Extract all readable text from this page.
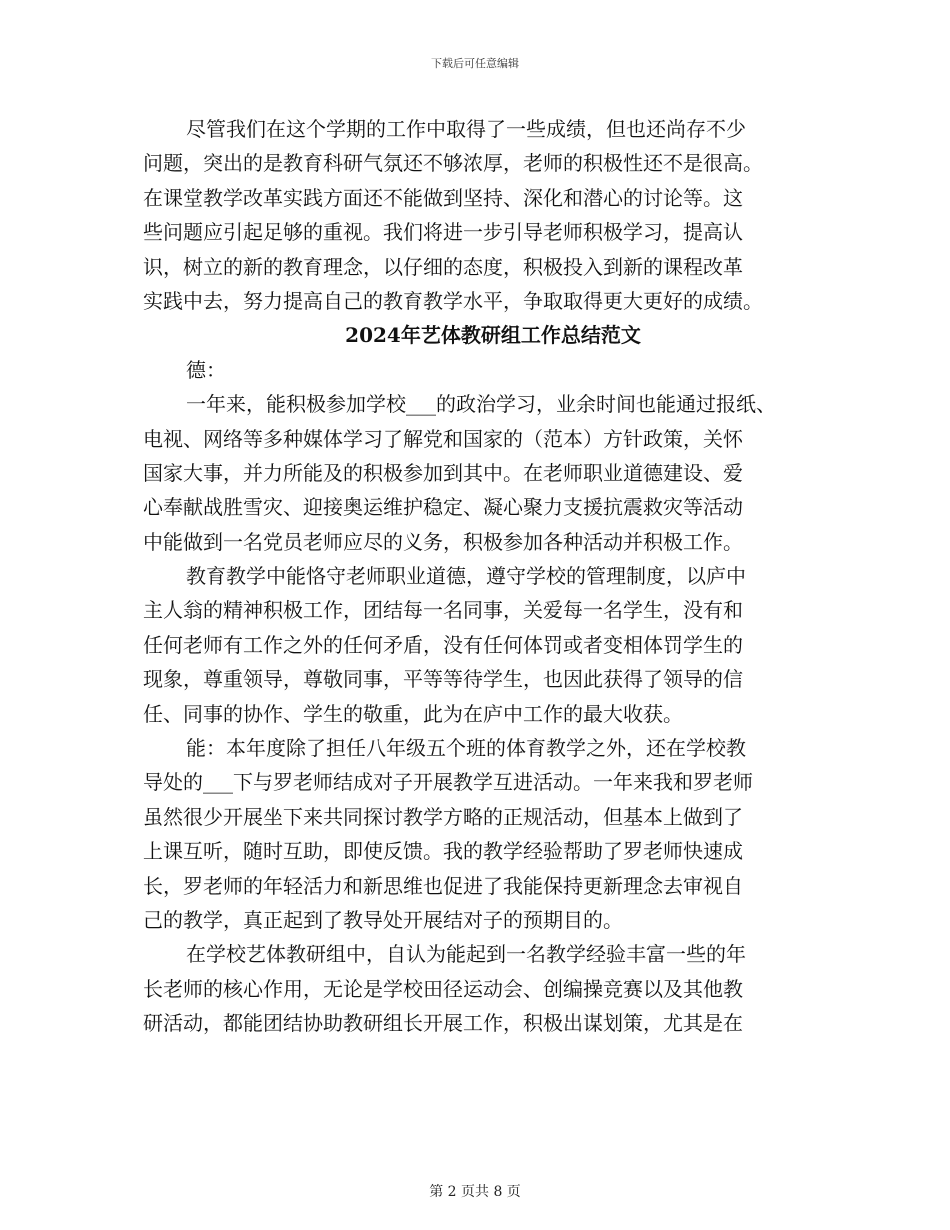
下载后可任意编辑
尽管我们在这个学期的工作中取得了一些成绩，但也还尚存不少
问题，突出的是教育科研气氛还不够浓厚，老师的积极性还不是很高。
在课堂教学改革实践方面还不能做到坚持、深化和潜心的讨论等。这
些问题应引起足够的重视。我们将进一步引导老师积极学习，提高认
识，树立的新的教育理念，以仔细的态度，积极投入到新的课程改革
实践中去，努力提高自己的教育教学水平，争取取得更大更好的成绩。
2024年艺体教研组工作总结范文
德：
一年来，能积极参加学校___的政治学习，业余时间也能通过报纸、
电视、网络等多种媒体学习了解党和国家的（范本）方针政策，关怀
国家大事，并力所能及的积极参加到其中。在老师职业道德建设、爱
心奉献战胜雪灾、迎接奥运维护稳定、凝心聚力支援抗震救灾等活动
中能做到一名党员老师应尽的义务，积极参加各种活动并积极工作。
教育教学中能恪守老师职业道德，遵守学校的管理制度，以庐中
主人翁的精神积极工作，团结每一名同事，关爱每一名学生，没有和
任何老师有工作之外的任何矛盾，没有任何体罚或者变相体罚学生的
现象，尊重领导，尊敬同事，平等等待学生，也因此获得了领导的信
任、同事的协作、学生的敬重，此为在庐中工作的最大收获。
能：本年度除了担任八年级五个班的体育教学之外，还在学校教
导处的___下与罗老师结成对子开展教学互进活动。一年来我和罗老师
虽然很少开展坐下来共同探讨教学方略的正规活动，但基本上做到了
上课互听，随时互助，即使反馈。我的教学经验帮助了罗老师快速成
长，罗老师的年轻活力和新思维也促进了我能保持更新理念去审视自
己的教学，真正起到了教导处开展结对子的预期目的。
在学校艺体教研组中，自认为能起到一名教学经验丰富一些的年
长老师的核心作用，无论是学校田径运动会、创编操竞赛以及其他教
研活动，都能团结协助教研组长开展工作，积极出谋划策，尤其是在
第 2 页共 8 页
